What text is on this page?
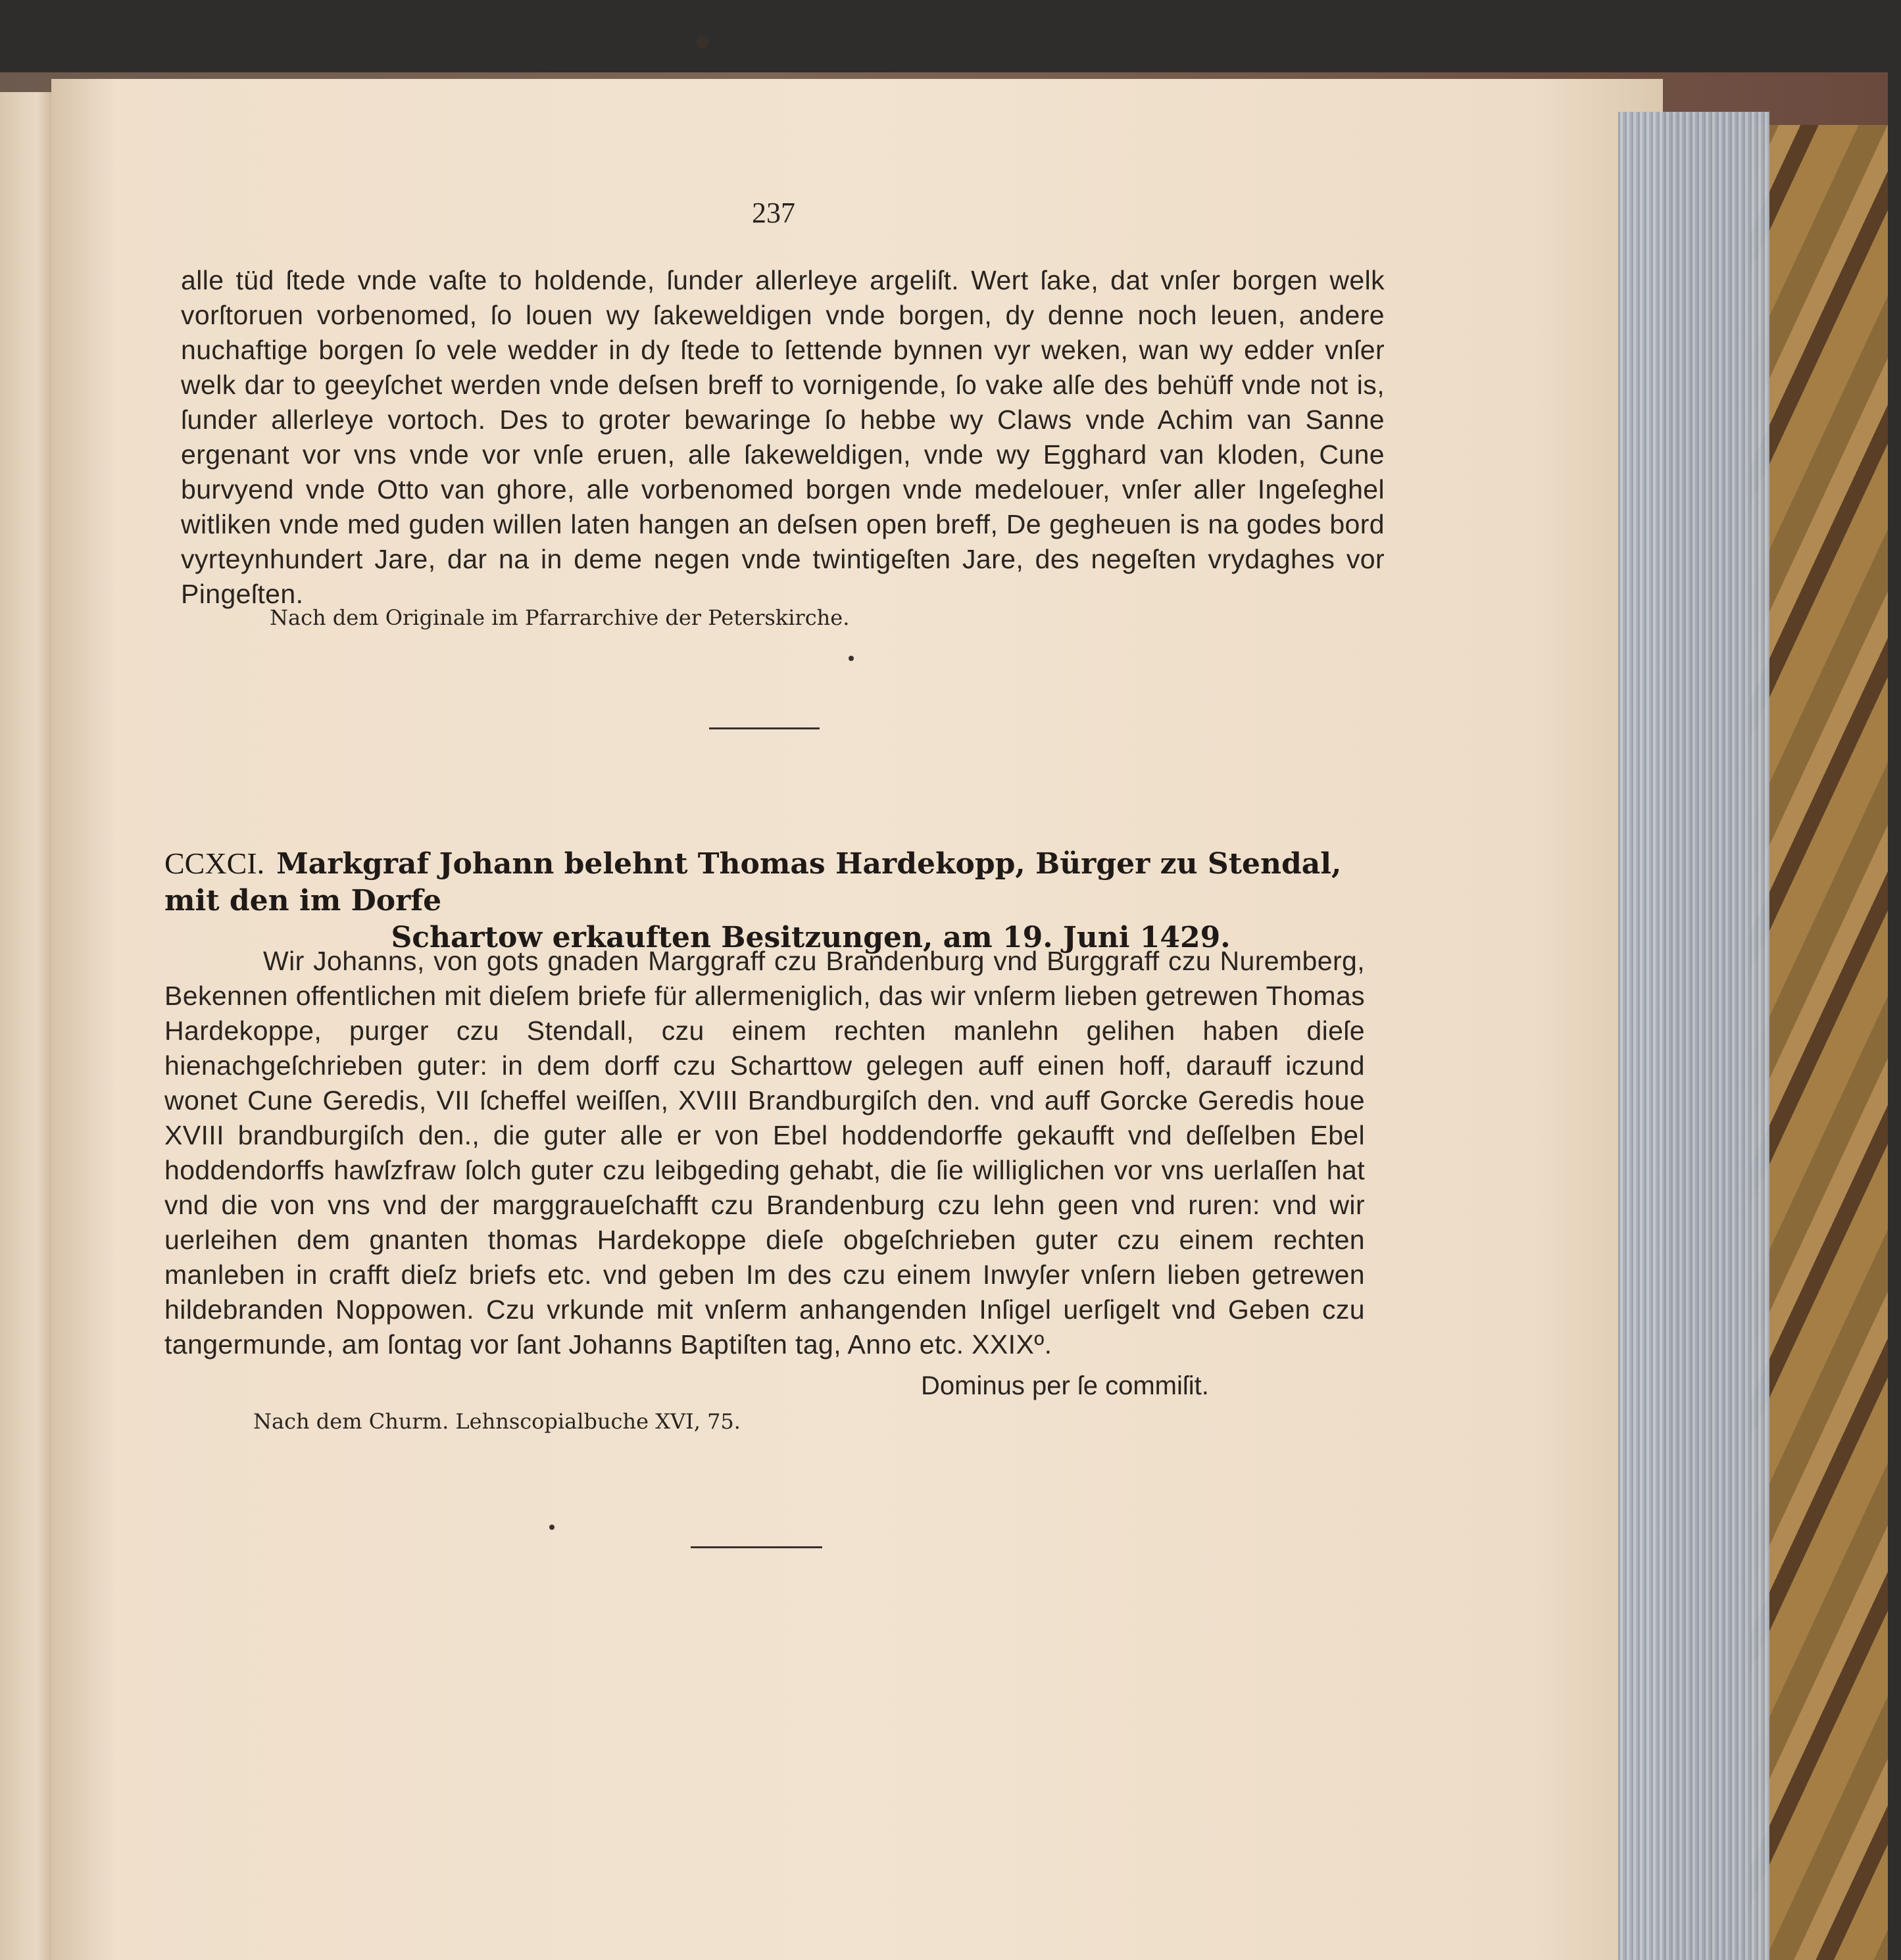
237
alle tüd ſtede vnde vaſte to holdende, ſunder allerleye argeliſt. Wert ſake, dat vnſer borgen welk vorſtoruen vorbenomed, ſo louen wy ſakeweldigen vnde borgen, dy denne noch leuen, andere nuchaftige borgen ſo vele wedder in dy ſtede to ſettende bynnen vyr weken, wan wy edder vnſer welk dar to geeyſchet werden vnde deſsen breff to vornigende, ſo vake alſe des behüff vnde not is, ſunder allerleye vortoch. Des to groter bewaringe ſo hebbe wy Claws vnde Achim van Sanne ergenant vor vns vnde vor vnſe eruen, alle ſakeweldigen, vnde wy Egghard van kloden, Cune burvyend vnde Otto van ghore, alle vorbenomed borgen vnde medelouer, vnſer aller Ingeſeghel witliken vnde med guden willen laten hangen an deſsen open breff, De gegheuen is na godes bord vyrteynhundert Jare, dar na in deme negen vnde twintigeſten Jare, des negeſten vrydaghes vor Pingeſten.
Nach dem Originale im Pfarrarchive der Peterskirche.
CCXCI. Markgraf Johann belehnt Thomas Hardekopp, Bürger zu Stendal, mit den im Dorfe
Schartow erkauften Besitzungen, am 19. Juni 1429.
Wir Johanns, von gots gnaden Marggraff czu Brandenburg vnd Burggraff czu Nuremberg, Bekennen offentlichen mit dieſem briefe für allermeniglich, das wir vnſerm lieben getrewen Thomas Hardekoppe, purger czu Stendall, czu einem rechten manlehn gelihen haben dieſe hienachgeſchrieben guter: in dem dorff czu Scharttow gelegen auff einen hoff, darauff iczund wonet Cune Geredis, VII ſcheffel weiſſen, XVIII Brandburgiſch den. vnd auff Gorcke Geredis houe XVIII brandburgiſch den., die guter alle er von Ebel hoddendorffe gekaufft vnd deſſelben Ebel hoddendorffs hawſzfraw ſolch guter czu leibgeding gehabt, die ſie williglichen vor vns uerlaſſen hat vnd die von vns vnd der marggraueſchafft czu Brandenburg czu lehn geen vnd ruren: vnd wir uerleihen dem gnanten thomas Hardekoppe dieſe obgeſchrieben guter czu einem rechten manleben in crafft dieſz briefs etc. vnd geben Im des czu einem Inwyſer vnſern lieben getrewen hildebranden Noppowen. Czu vrkunde mit vnſerm anhangenden Inſigel uerſigelt vnd Geben czu tangermunde, am ſontag vor ſant Johanns Baptiſten tag, Anno etc. XXIXº.
Dominus per ſe commiſit.
Nach dem Churm. Lehnscopialbuche XVI, 75.
